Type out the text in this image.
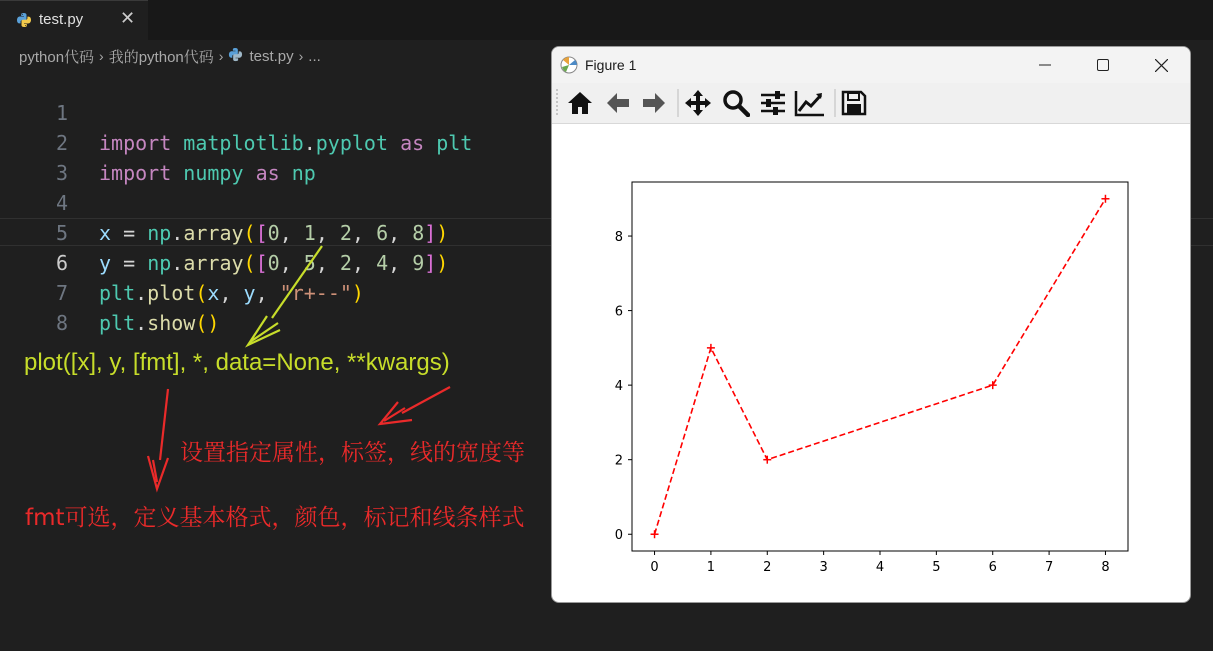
test.py ✕
python代码 › 我的python代码 › test.py › ...

1

import matplotlib.pyplot as plt

2

import numpy as np

3

4

x = np.array([0, 1, 2, 6, 8])

5

y = np.array([0, 5, 2, 4, 9])

6

plt.plot(x, y, "r+--")

7

plt.show()

8

plot([x], y, [fmt], *, data=None, **kwargs)
设置指定属性，标签，线的宽度等
fmt可选，定义基本格式，颜色，标记和线条样式
Figure 1
0	1	2	3	4	5	6	7	8
0
2
4
6
8
